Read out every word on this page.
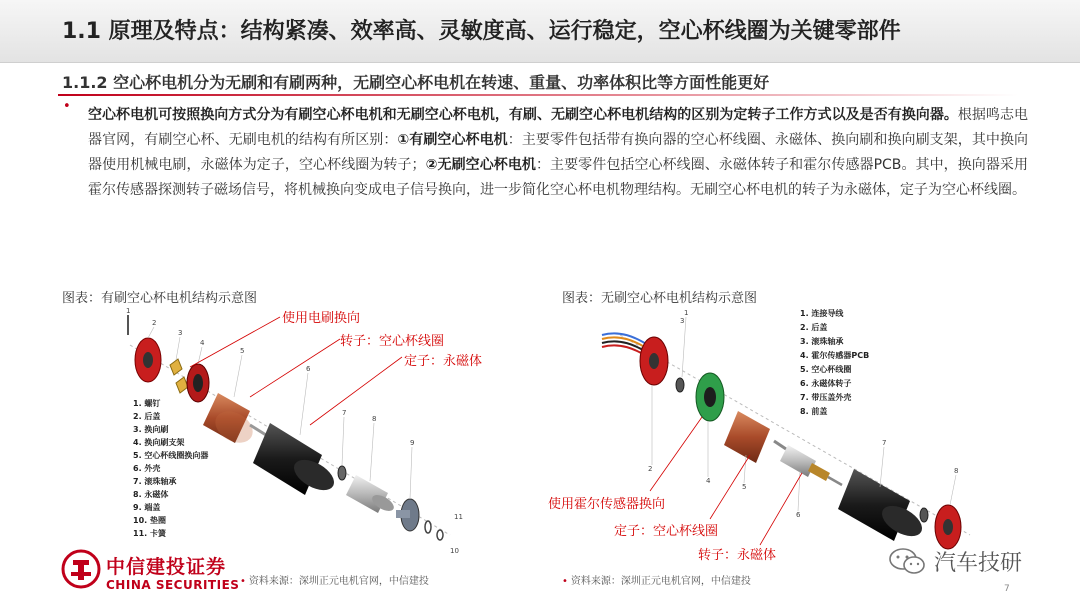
1.1 原理及特点：结构紧凑、效率高、灵敏度高、运行稳定，空心杯线圈为关键零部件
1.1.2 空心杯电机分为无刷和有刷两种，无刷空心杯电机在转速、重量、功率体积比等方面性能更好
•

空心杯电机可按照换向方式分为有刷空心杯电机和无刷空心杯电机，有刷、无刷空心杯电机结构的区别为定转子工作方式以及是否有换向器。根据鸣志电器官网，有刷空心杯、无刷电机的结构有所区别：①有刷空心杯电机：主要零件包括带有换向器的空心杯线圈、永磁体、换向刷和换向刷支架，其中换向器使用机械电刷，永磁体为定子，空心杯线圈为转子；②无刷空心杯电机：主要零件包括空心杯线圈、永磁体转子和霍尔传感器PCB。其中，换向器采用霍尔传感器探测转子磁场信号，将机械换向变成电子信号换向，进一步简化空心杯电机物理结构。无刷空心杯电机的转子为永磁体，定子为空心杯线圈。

图表：有刷空心杯电机结构示意图
1
2
3
4
5
6
7
8
9
10
11
使用电刷换向
转子：空心杯线圈
定子：永磁体
1. 螺钉
2. 后盖
3. 换向刷
4. 换向刷支架
5. 空心杯线圈换向器
6. 外壳
7. 滚珠轴承
8. 永磁体
9. 端盖
10. 垫圈
11. 卡簧
图表：无刷空心杯电机结构示意图
1
2
3
4
5
6
7
8
使用霍尔传感器换向
定子：空心杯线圈
转子：永磁体
1. 连接导线
2. 后盖
3. 滚珠轴承
4. 霍尔传感器PCB
5. 空心杯线圈
6. 永磁体转子
7. 带压盖外壳
8. 前盖
中信建投证券
CHINA SECURITIES • 资料来源：深圳正元电机官网，中信建投	• 资料来源：深圳正元电机官网，中信建投
汽车技研
7
